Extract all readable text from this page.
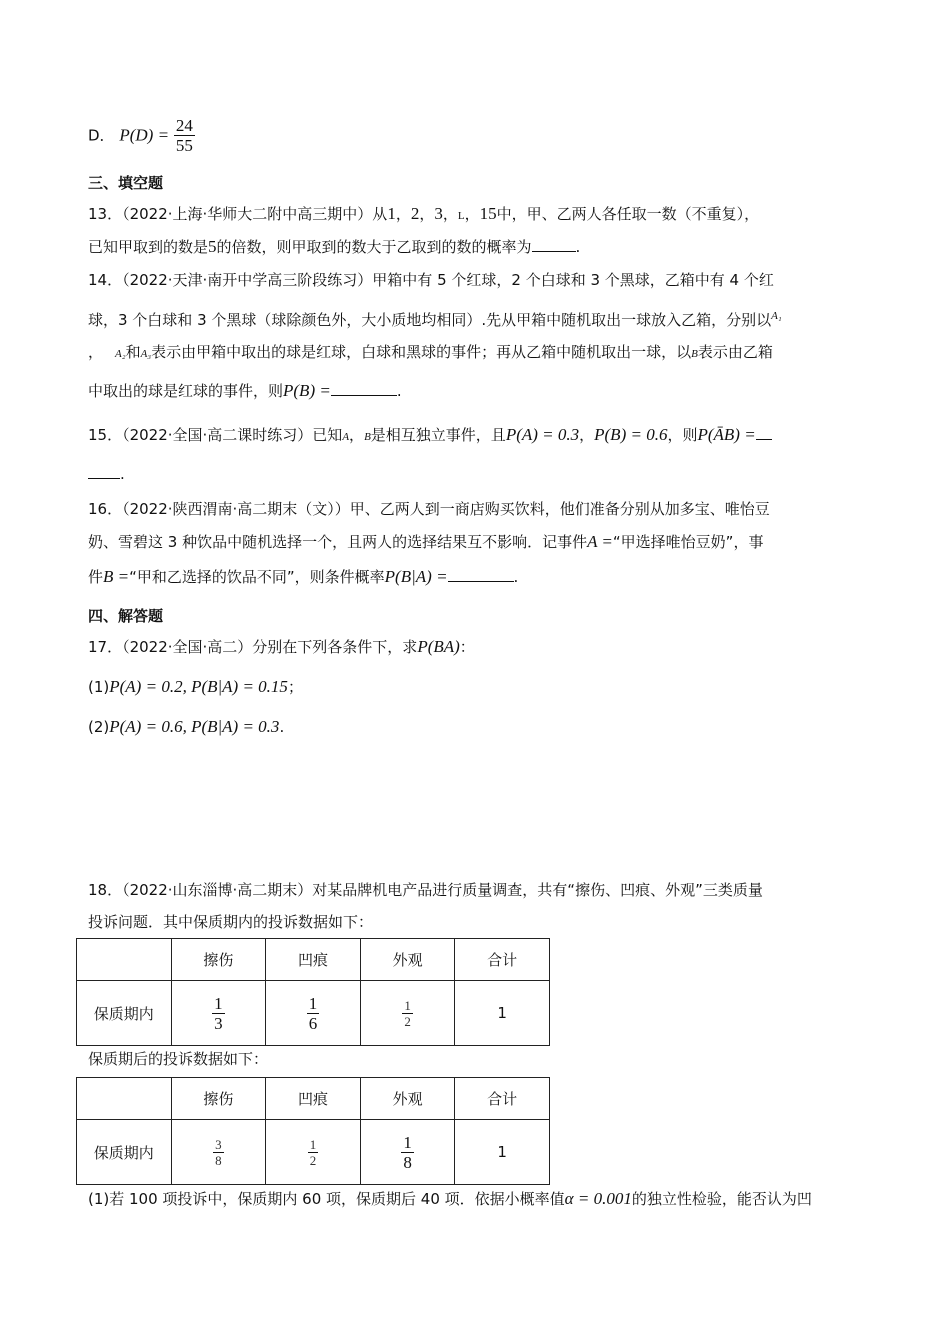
D． $P(D) = \frac{24}{55}$
三、填空题
13．（2022·上海·华师大二附中高三期中）从1，2，3，L，15中，甲、乙两人各任取一数（不重复），
已知甲取到的数是5的倍数，则甲取到的数大于乙取到的数的概率为	.
14．（2022·天津·南开中学高三阶段练习）甲箱中有 5 个红球，2 个白球和 3 个黑球，乙箱中有 4 个红
球，3 个白球和 3 个黑球（球除颜色外，大小质地均相同）.先从甲箱中随机取出一球放入乙箱，分别以$^{A_1}$
， A₂和A₃表示由甲箱中取出的球是红球，白球和黑球的事件；再从乙箱中随机取出一球，以B表示由乙箱
中取出的球是红球的事件，则P(B) =	.
15．（2022·全国·高二课时练习）已知A，B是相互独立事件，且P(A) = 0.3，P(B) = 0.6，则P(ĀB) =
.
16．（2022·陕西渭南·高二期末（文））甲、乙两人到一商店购买饮料，他们准备分别从加多宝、唯怡豆
奶、雪碧这 3 种饮品中随机选择一个，且两人的选择结果互不影响．记事件A =“甲选择唯怡豆奶”，事
件B =“甲和乙选择的饮品不同”，则条件概率P(B|A) =	.
四、解答题
17．（2022·全国·高二）分别在下列各条件下，求P(BA)：
(1)P(A) = 0.2, P(B|A) = 0.15；
(2)P(A) = 0.6, P(B|A) = 0.3.
18．（2022·山东淄博·高二期末）对某品牌机电产品进行质量调查，共有“擦伤、凹痕、外观”三类质量
投诉问题．其中保质期内的投诉数据如下：
	擦伤	凹痕	外观	合计
保质期内	$\frac{1}{3}$	$\frac{1}{6}$	$\frac{1}{2}$	1
保质期后的投诉数据如下：
	擦伤	凹痕	外观	合计
保质期内	$\frac{3}{8}$	$\frac{1}{2}$	$\frac{1}{8}$	1
(1)若 100 项投诉中，保质期内 60 项，保质期后 40 项．依据小概率值α = 0.001的独立性检验，能否认为凹
